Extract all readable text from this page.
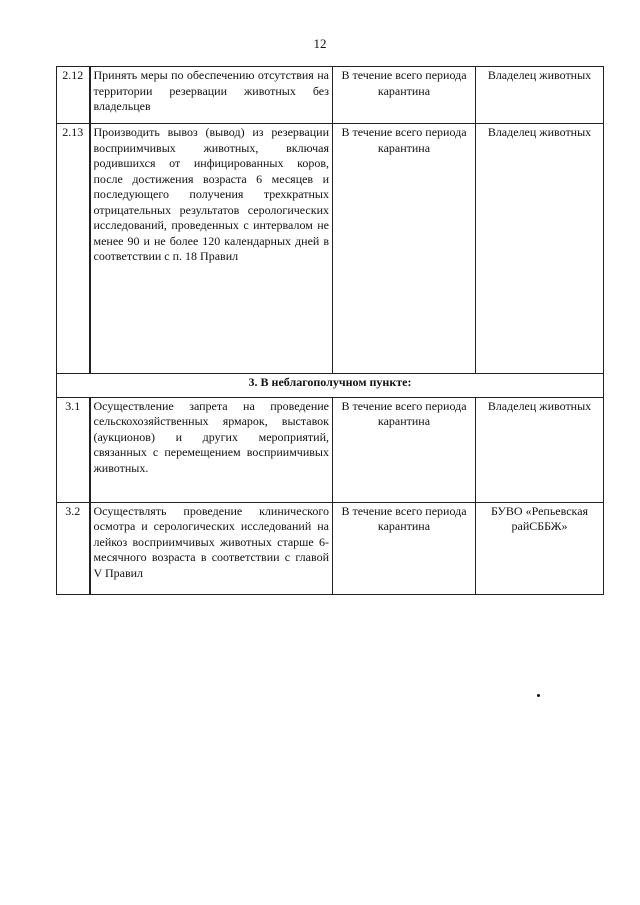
12
2.12	Принять меры по обеспечению отсутствия на территории резервации животных без владельцев	В течение всего периода карантина	Владелец животных
2.13	Производить вывоз (вывод) из резервации восприимчивых животных, включая родившихся от инфицированных коров, после достижения возраста 6 месяцев и последующего получения трехкратных отрицательных результатов серологических исследований, проведенных с интервалом не менее 90 и не более 120 календарных дней в соответствии с п. 18 Правил	В течение всего периода карантина	Владелец животных
3. В неблагополучном пункте:			
3.1	Осуществление запрета на проведение сельскохозяйственных ярмарок, выставок (аукционов) и других мероприятий, связанных с перемещением восприимчивых животных.	В течение всего периода карантина	Владелец животных
3.2	Осуществлять проведение клинического осмотра и серологических исследований на лейкоз восприимчивых животных старше 6-месячного возраста в соответствии с главой V Правил	В течение всего периода карантина	БУВО «Репьевская райСББЖ»
